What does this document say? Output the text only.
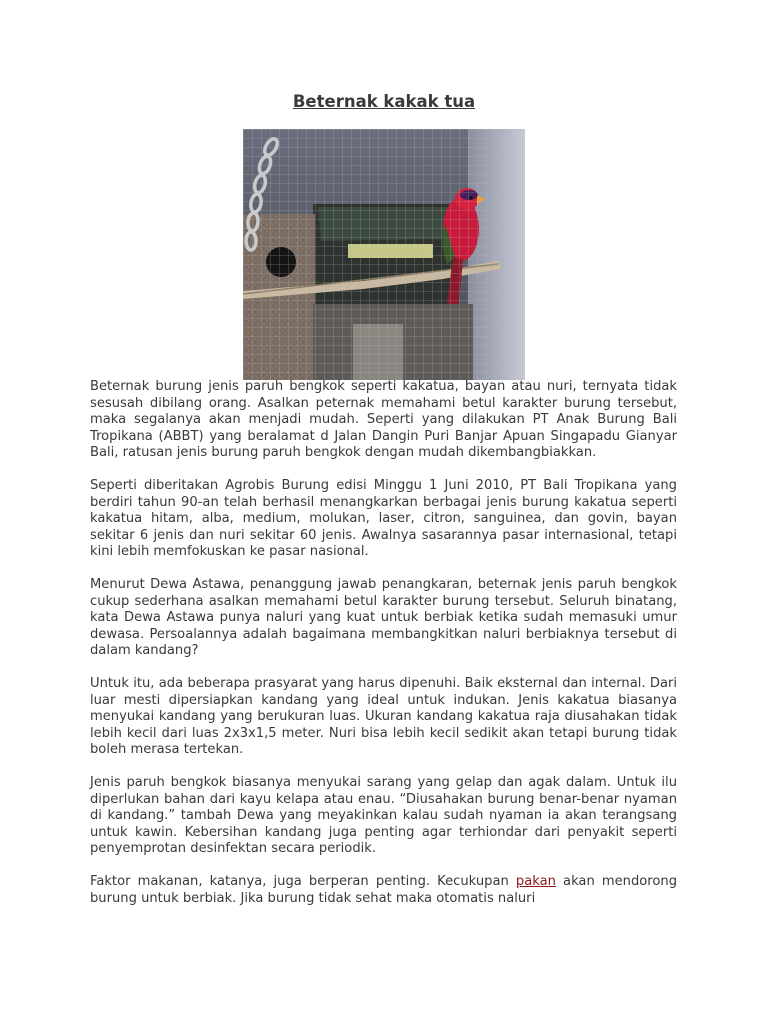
Beternak kakak tua

Beternak burung jenis paruh bengkok seperti kakatua, bayan atau nuri, ternyata tidak sesusah dibilang orang. Asalkan peternak memahami betul karakter burung tersebut, maka segalanya akan menjadi mudah. Seperti yang dilakukan PT Anak Burung Bali Tropikana (ABBT) yang beralamat d Jalan Dangin Puri Banjar Apuan Singapadu Gianyar Bali, ratusan jenis burung paruh bengkok dengan mudah dikembangbiakkan.

Seperti diberitakan Agrobis Burung edisi Minggu 1 Juni 2010, PT Bali Tropikana yang berdiri tahun 90-an telah berhasil menangkarkan berbagai jenis burung kakatua seperti kakatua hitam, alba, medium, molukan, laser, citron, sanguinea, dan govin, bayan sekitar 6 jenis dan nuri sekitar 60 jenis. Awalnya sasarannya pasar internasional, tetapi kini lebih memfokuskan ke pasar nasional.

Menurut Dewa Astawa, penanggung jawab penangkaran, beternak jenis paruh bengkok cukup sederhana asalkan memahami betul karakter burung tersebut. Seluruh binatang, kata Dewa Astawa punya naluri yang kuat untuk berbiak ketika sudah memasuki umur dewasa. Persoalannya adalah bagaimana membangkitkan naluri berbiaknya tersebut di dalam kandang?

Untuk itu, ada beberapa prasyarat yang harus dipenuhi. Baik eksternal dan internal. Dari luar mesti dipersiapkan kandang yang ideal untuk indukan. Jenis kakatua biasanya menyukai kandang yang berukuran luas. Ukuran kandang kakatua raja diusahakan tidak lebih kecil dari luas 2x3x1,5 meter. Nuri bisa lebih kecil sedikit akan tetapi burung tidak boleh merasa tertekan.

Jenis paruh bengkok biasanya menyukai sarang yang gelap dan agak dalam. Untuk ilu diperlukan bahan dari kayu kelapa atau enau. “Diusahakan burung benar-benar nyaman di kandang.” tambah Dewa yang meyakinkan kalau sudah nyaman ia akan terangsang untuk kawin. Kebersihan kandang juga penting agar terhiondar dari penyakit seperti penyemprotan desinfektan secara periodik.

Faktor makanan, katanya, juga berperan penting. Kecukupan pakan akan mendorong burung untuk berbiak. Jika burung tidak sehat maka otomatis naluri
